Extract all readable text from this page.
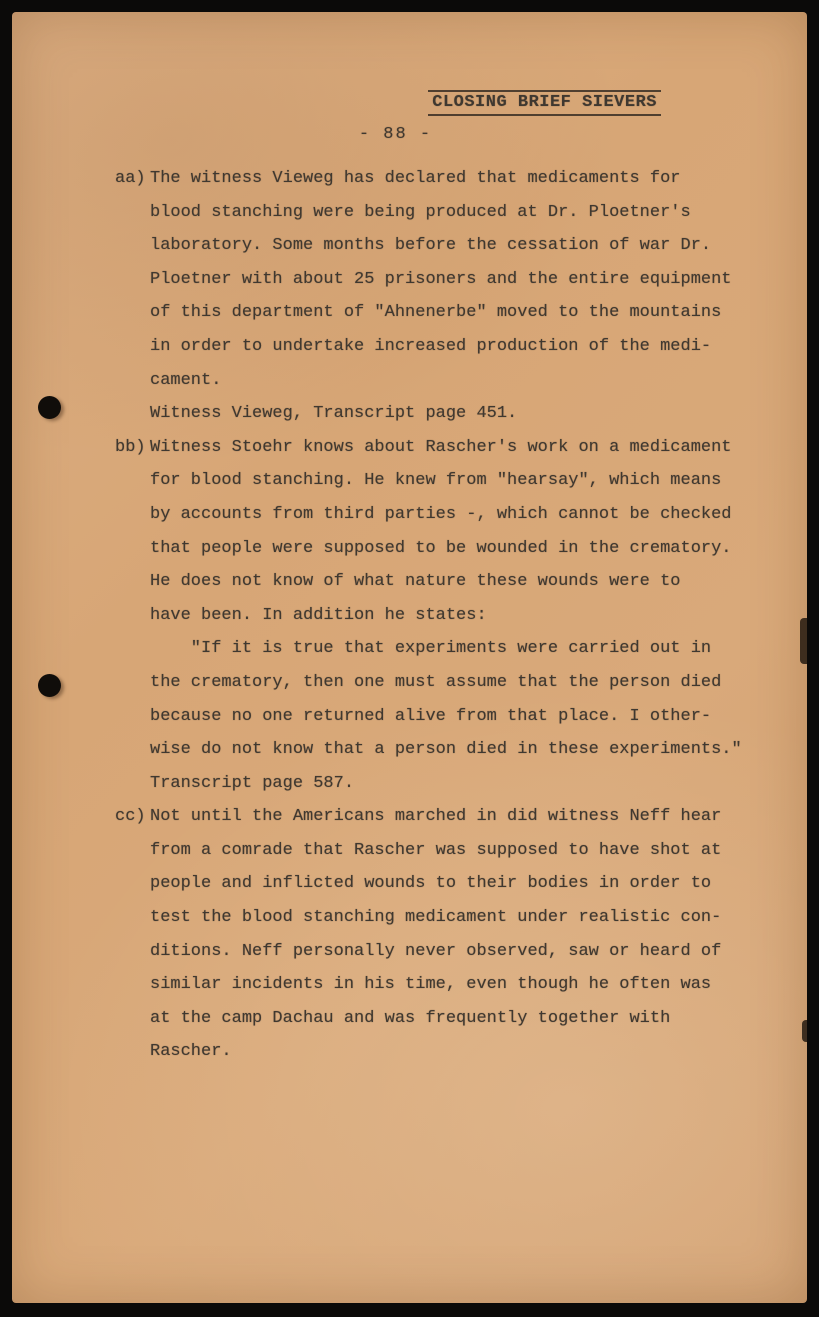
CLOSING BRIEF SIEVERS
- 88 -
aa) The witness Vieweg has declared that medicaments for
blood stanching were being produced at Dr. Ploetner's
laboratory. Some months before the cessation of war Dr.
Ploetner with about 25 prisoners and the entire equipment
of this department of "Ahnenerbe" moved to the mountains
in order to undertake increased production of the medi-
cament.
Witness Vieweg, Transcript page 451.
bb) Witness Stoehr knows about Rascher's work on a medicament
for blood stanching. He knew from "hearsay", which means
by accounts from third parties -, which cannot be checked
that people were supposed to be wounded in the crematory.
He does not know of what nature these wounds were to
have been. In addition he states:
"If it is true that experiments were carried out in
the crematory, then one must assume that the person died
because no one returned alive from that place. I other-
wise do not know that a person died in these experiments."
Transcript page 587.
cc) Not until the Americans marched in did witness Neff hear
from a comrade that Rascher was supposed to have shot at
people and inflicted wounds to their bodies in order to
test the blood stanching medicament under realistic con-
ditions. Neff personally never observed, saw or heard of
similar incidents in his time, even though he often was
at the camp Dachau and was frequently together with
Rascher.
